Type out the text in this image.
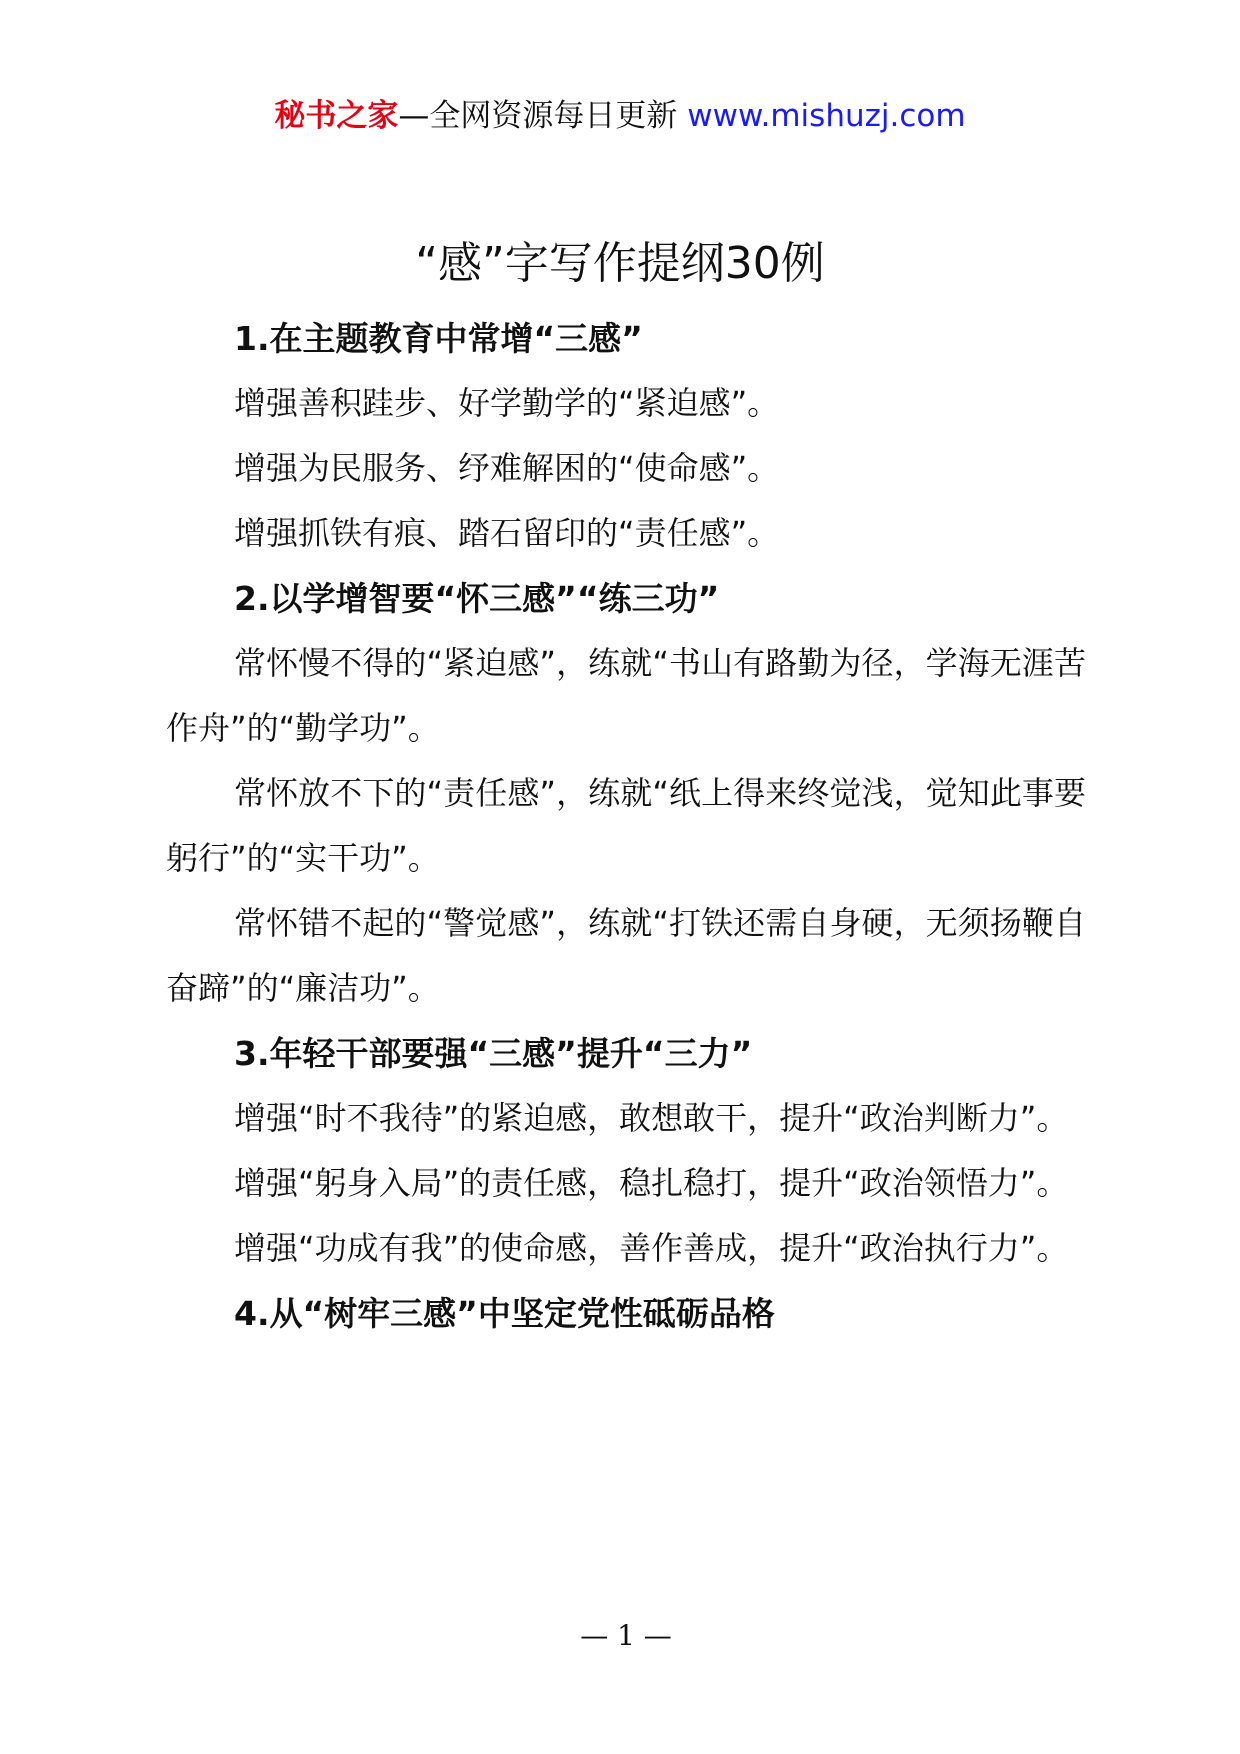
秘书之家—全网资源每日更新 www.mishuzj.com
“感”字写作提纲30例

1.在主题教育中常增“三感”

增强善积跬步、好学勤学的“紧迫感”。

增强为民服务、纾难解困的“使命感”。

增强抓铁有痕、踏石留印的“责任感”。

2.以学增智要“怀三感”“练三功”

常怀慢不得的“紧迫感”，练就“书山有路勤为径，学海无涯苦作舟”的“勤学功”。

常怀放不下的“责任感”，练就“纸上得来终觉浅，觉知此事要躬行”的“实干功”。

常怀错不起的“警觉感”，练就“打铁还需自身硬，无须扬鞭自奋蹄”的“廉洁功”。

3.年轻干部要强“三感”提升“三力”

增强“时不我待”的紧迫感，敢想敢干，提升“政治判断力”。

增强“躬身入局”的责任感，稳扎稳打，提升“政治领悟力”。

增强“功成有我”的使命感，善作善成，提升“政治执行力”。

4.从“树牢三感”中坚定党性砥砺品格

— 1 —
